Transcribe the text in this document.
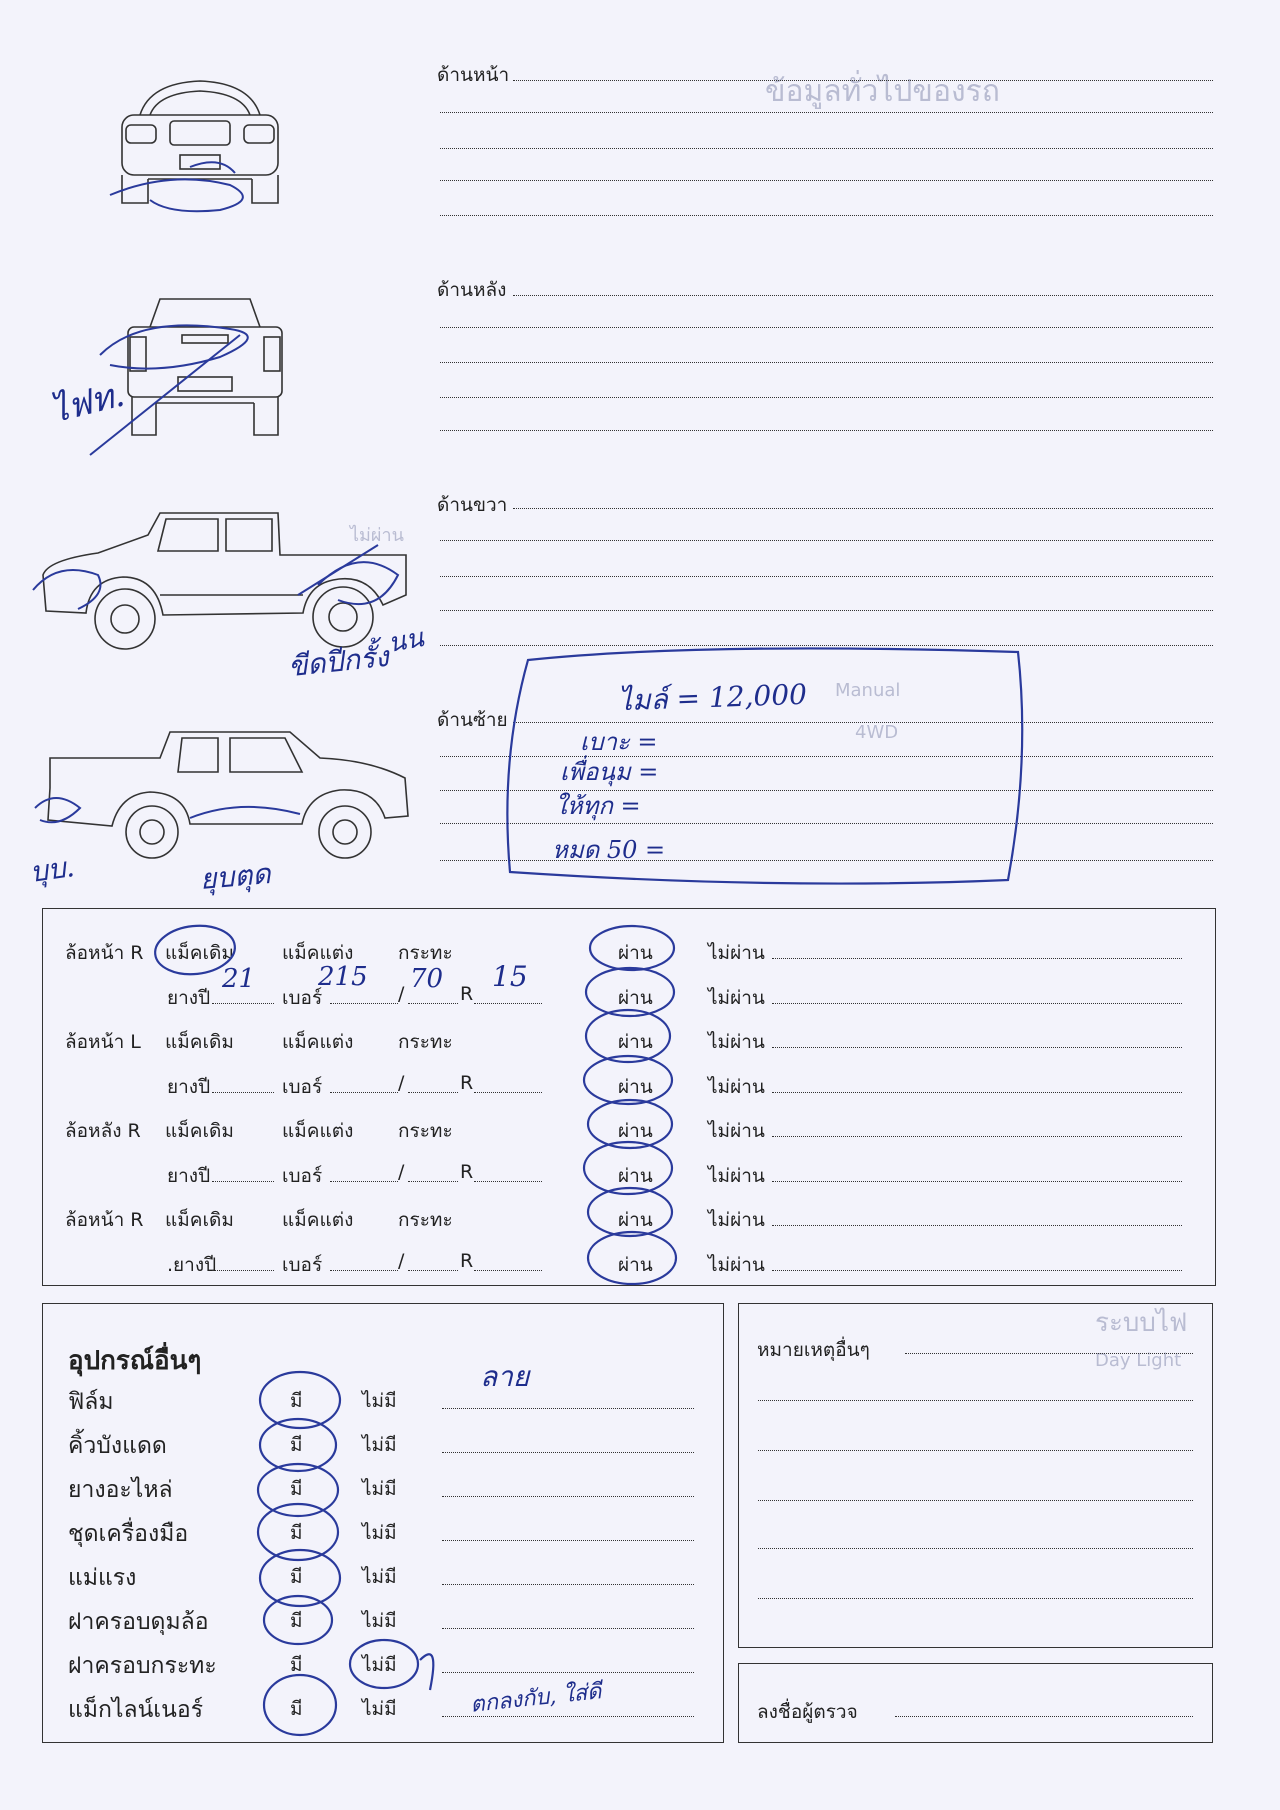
ข้อมูลทั่วไปของรถ
ไม่ผ่าน
Manual
4WD
ระบบไฟ
Day Light
ด้านหน้า
ไฟท.
ด้านหลัง
ขีดปีกรั้ง
นน
ด้านขวา
บุบ.	ยุบตุด
ด้านซ้าย
ไมล์ = 12,000
เบาะ =
เพื่อนุม =
ให้ทุก =
หมด 50 =
ล้อหน้า R แม็คเดิม	แม็คแต่ง กระทะ	ผ่าน	ไม่ผ่าน
ยางปี	เบอร์	/	R	ผ่าน	ไม่ผ่าน
ล้อหน้า L แม็คเดิม	แม็คแต่ง กระทะ	ผ่าน	ไม่ผ่าน
ยางปี	เบอร์	/	R	ผ่าน	ไม่ผ่าน
ล้อหลัง R แม็คเดิม	แม็คแต่ง กระทะ	ผ่าน	ไม่ผ่าน
ยางปี	เบอร์	/	R	ผ่าน	ไม่ผ่าน
ล้อหน้า R แม็คเดิม	แม็คแต่ง กระทะ	ผ่าน	ไม่ผ่าน
.ยางปี	เบอร์	/	R	ผ่าน	ไม่ผ่าน
21 215 70 15
อุปกรณ์อื่นๆ
ฟิล์ม	มี	ไม่มี
คิ้วบังแดด	มี	ไม่มี
ยางอะไหล่	มี	ไม่มี
ชุดเครื่องมือ	มี	ไม่มี
แม่แรง	มี	ไม่มี
ฝาครอบดุมล้อ	มี	ไม่มี
ฝาครอบกระทะ	มี	ไม่มี
แม็กไลน์เนอร์	มี	ไม่มี
ลาย
ตกลงกับ, ใส่ดี
หมายเหตุอื่นๆ
ลงชื่อผู้ตรวจ
